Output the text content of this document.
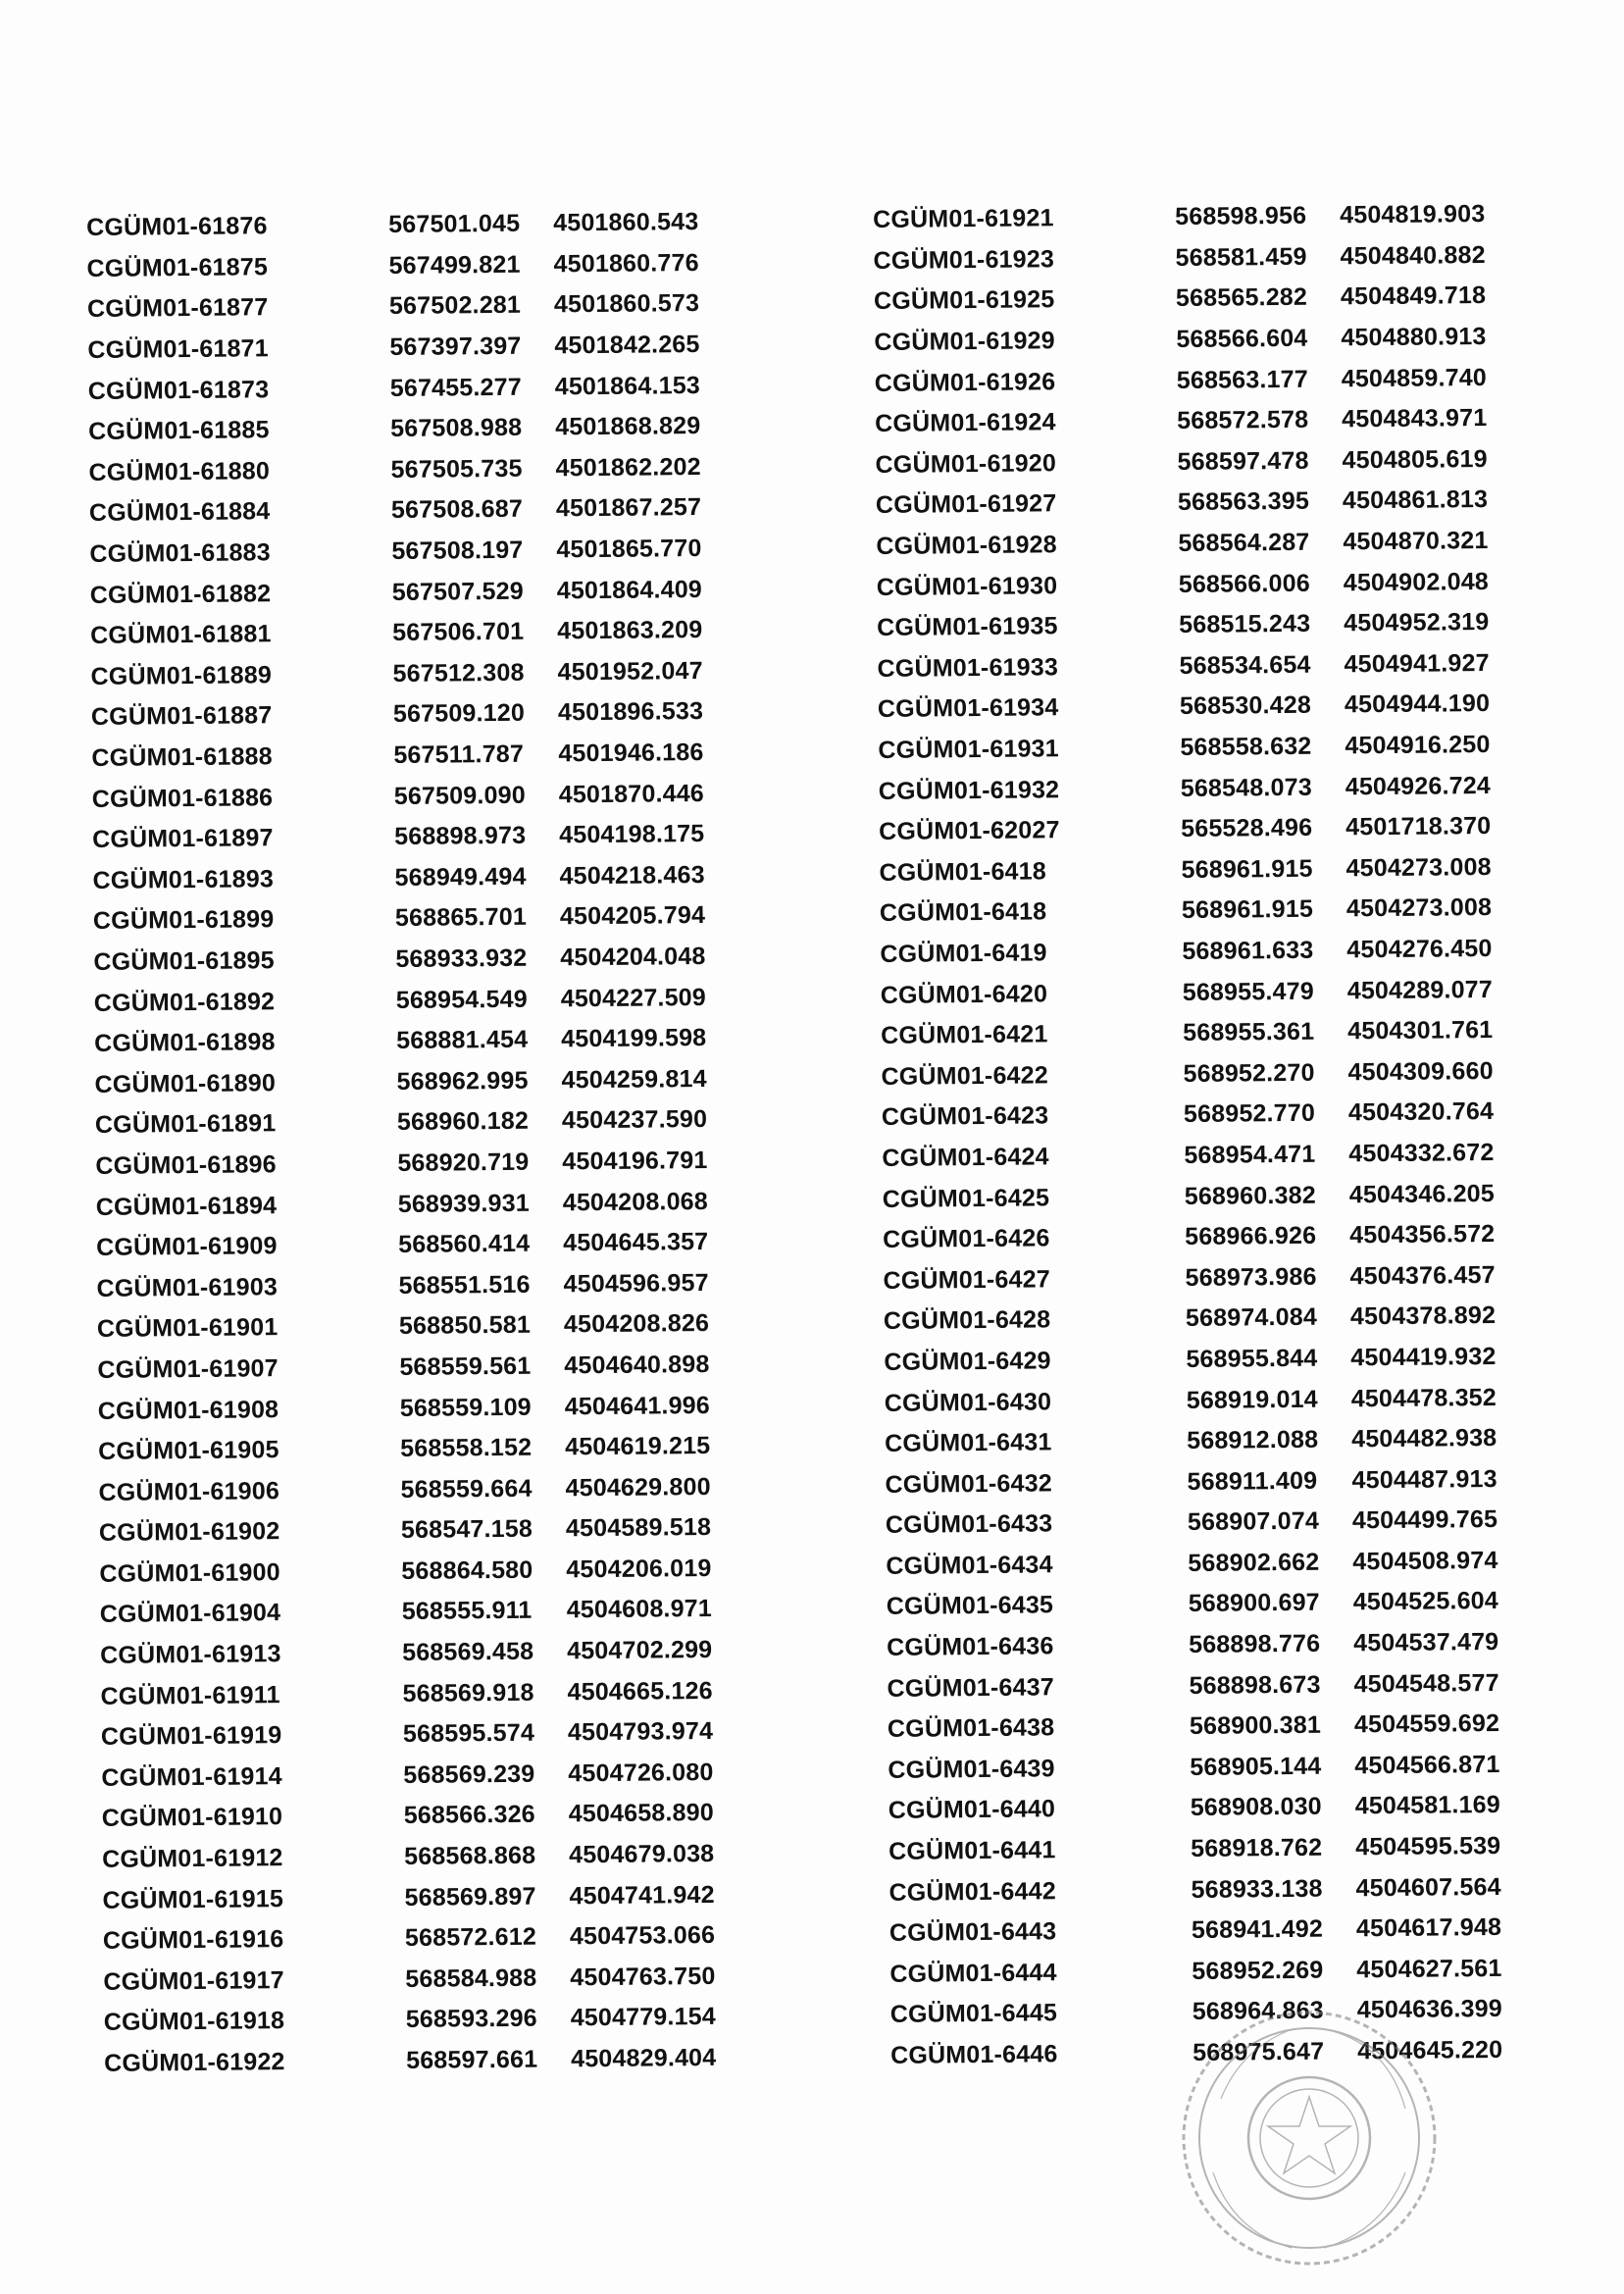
CGÜM01-61876	567501.045	4501860.543
CGÜM01-61875	567499.821	4501860.776
CGÜM01-61877	567502.281	4501860.573
CGÜM01-61871	567397.397	4501842.265
CGÜM01-61873	567455.277	4501864.153
CGÜM01-61885	567508.988	4501868.829
CGÜM01-61880	567505.735	4501862.202
CGÜM01-61884	567508.687	4501867.257
CGÜM01-61883	567508.197	4501865.770
CGÜM01-61882	567507.529	4501864.409
CGÜM01-61881	567506.701	4501863.209
CGÜM01-61889	567512.308	4501952.047
CGÜM01-61887	567509.120	4501896.533
CGÜM01-61888	567511.787	4501946.186
CGÜM01-61886	567509.090	4501870.446
CGÜM01-61897	568898.973	4504198.175
CGÜM01-61893	568949.494	4504218.463
CGÜM01-61899	568865.701	4504205.794
CGÜM01-61895	568933.932	4504204.048
CGÜM01-61892	568954.549	4504227.509
CGÜM01-61898	568881.454	4504199.598
CGÜM01-61890	568962.995	4504259.814
CGÜM01-61891	568960.182	4504237.590
CGÜM01-61896	568920.719	4504196.791
CGÜM01-61894	568939.931	4504208.068
CGÜM01-61909	568560.414	4504645.357
CGÜM01-61903	568551.516	4504596.957
CGÜM01-61901	568850.581	4504208.826
CGÜM01-61907	568559.561	4504640.898
CGÜM01-61908	568559.109	4504641.996
CGÜM01-61905	568558.152	4504619.215
CGÜM01-61906	568559.664	4504629.800
CGÜM01-61902	568547.158	4504589.518
CGÜM01-61900	568864.580	4504206.019
CGÜM01-61904	568555.911	4504608.971
CGÜM01-61913	568569.458	4504702.299
CGÜM01-61911	568569.918	4504665.126
CGÜM01-61919	568595.574	4504793.974
CGÜM01-61914	568569.239	4504726.080
CGÜM01-61910	568566.326	4504658.890
CGÜM01-61912	568568.868	4504679.038
CGÜM01-61915	568569.897	4504741.942
CGÜM01-61916	568572.612	4504753.066
CGÜM01-61917	568584.988	4504763.750
CGÜM01-61918	568593.296	4504779.154
CGÜM01-61922	568597.661	4504829.404
CGÜM01-61921	568598.956	4504819.903
CGÜM01-61923	568581.459	4504840.882
CGÜM01-61925	568565.282	4504849.718
CGÜM01-61929	568566.604	4504880.913
CGÜM01-61926	568563.177	4504859.740
CGÜM01-61924	568572.578	4504843.971
CGÜM01-61920	568597.478	4504805.619
CGÜM01-61927	568563.395	4504861.813
CGÜM01-61928	568564.287	4504870.321
CGÜM01-61930	568566.006	4504902.048
CGÜM01-61935	568515.243	4504952.319
CGÜM01-61933	568534.654	4504941.927
CGÜM01-61934	568530.428	4504944.190
CGÜM01-61931	568558.632	4504916.250
CGÜM01-61932	568548.073	4504926.724
CGÜM01-62027	565528.496	4501718.370
CGÜM01-6418	568961.915	4504273.008
CGÜM01-6418	568961.915	4504273.008
CGÜM01-6419	568961.633	4504276.450
CGÜM01-6420	568955.479	4504289.077
CGÜM01-6421	568955.361	4504301.761
CGÜM01-6422	568952.270	4504309.660
CGÜM01-6423	568952.770	4504320.764
CGÜM01-6424	568954.471	4504332.672
CGÜM01-6425	568960.382	4504346.205
CGÜM01-6426	568966.926	4504356.572
CGÜM01-6427	568973.986	4504376.457
CGÜM01-6428	568974.084	4504378.892
CGÜM01-6429	568955.844	4504419.932
CGÜM01-6430	568919.014	4504478.352
CGÜM01-6431	568912.088	4504482.938
CGÜM01-6432	568911.409	4504487.913
CGÜM01-6433	568907.074	4504499.765
CGÜM01-6434	568902.662	4504508.974
CGÜM01-6435	568900.697	4504525.604
CGÜM01-6436	568898.776	4504537.479
CGÜM01-6437	568898.673	4504548.577
CGÜM01-6438	568900.381	4504559.692
CGÜM01-6439	568905.144	4504566.871
CGÜM01-6440	568908.030	4504581.169
CGÜM01-6441	568918.762	4504595.539
CGÜM01-6442	568933.138	4504607.564
CGÜM01-6443	568941.492	4504617.948
CGÜM01-6444	568952.269	4504627.561
CGÜM01-6445	568964.863	4504636.399
CGÜM01-6446	568975.647	4504645.220
